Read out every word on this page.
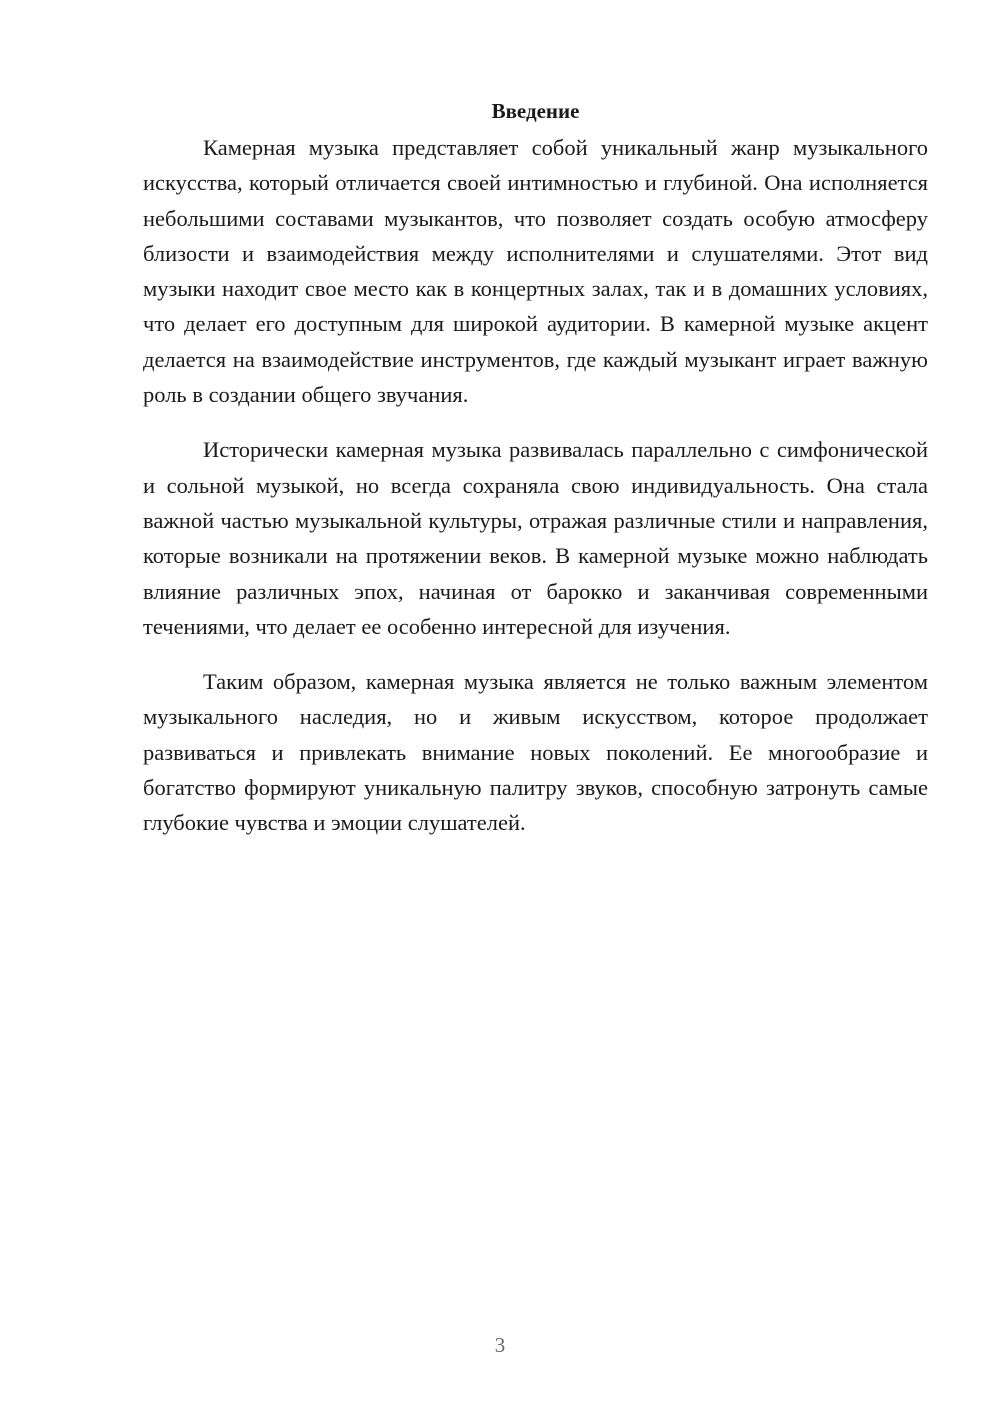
Введение

Камерная музыка представляет собой уникальный жанр музыкального искусства, который отличается своей интимностью и глубиной. Она исполняется небольшими составами музыкантов, что позволяет создать особую атмосферу близости и взаимодействия между исполнителями и слушателями. Этот вид музыки находит свое место как в концертных залах, так и в домашних условиях, что делает его доступным для широкой аудитории. В камерной музыке акцент делается на взаимодействие инструментов, где каждый музыкант играет важную роль в создании общего звучания.

Исторически камерная музыка развивалась параллельно с симфонической и сольной музыкой, но всегда сохраняла свою индивидуальность. Она стала важной частью музыкальной культуры, отражая различные стили и направления, которые возникали на протяжении веков. В камерной музыке можно наблюдать влияние различных эпох, начиная от барокко и заканчивая современными течениями, что делает ее особенно интересной для изучения.

Таким образом, камерная музыка является не только важным элементом музыкального наследия, но и живым искусством, которое продолжает развиваться и привлекать внимание новых поколений. Ее многообразие и богатство формируют уникальную палитру звуков, способную затронуть самые глубокие чувства и эмоции слушателей.

3
